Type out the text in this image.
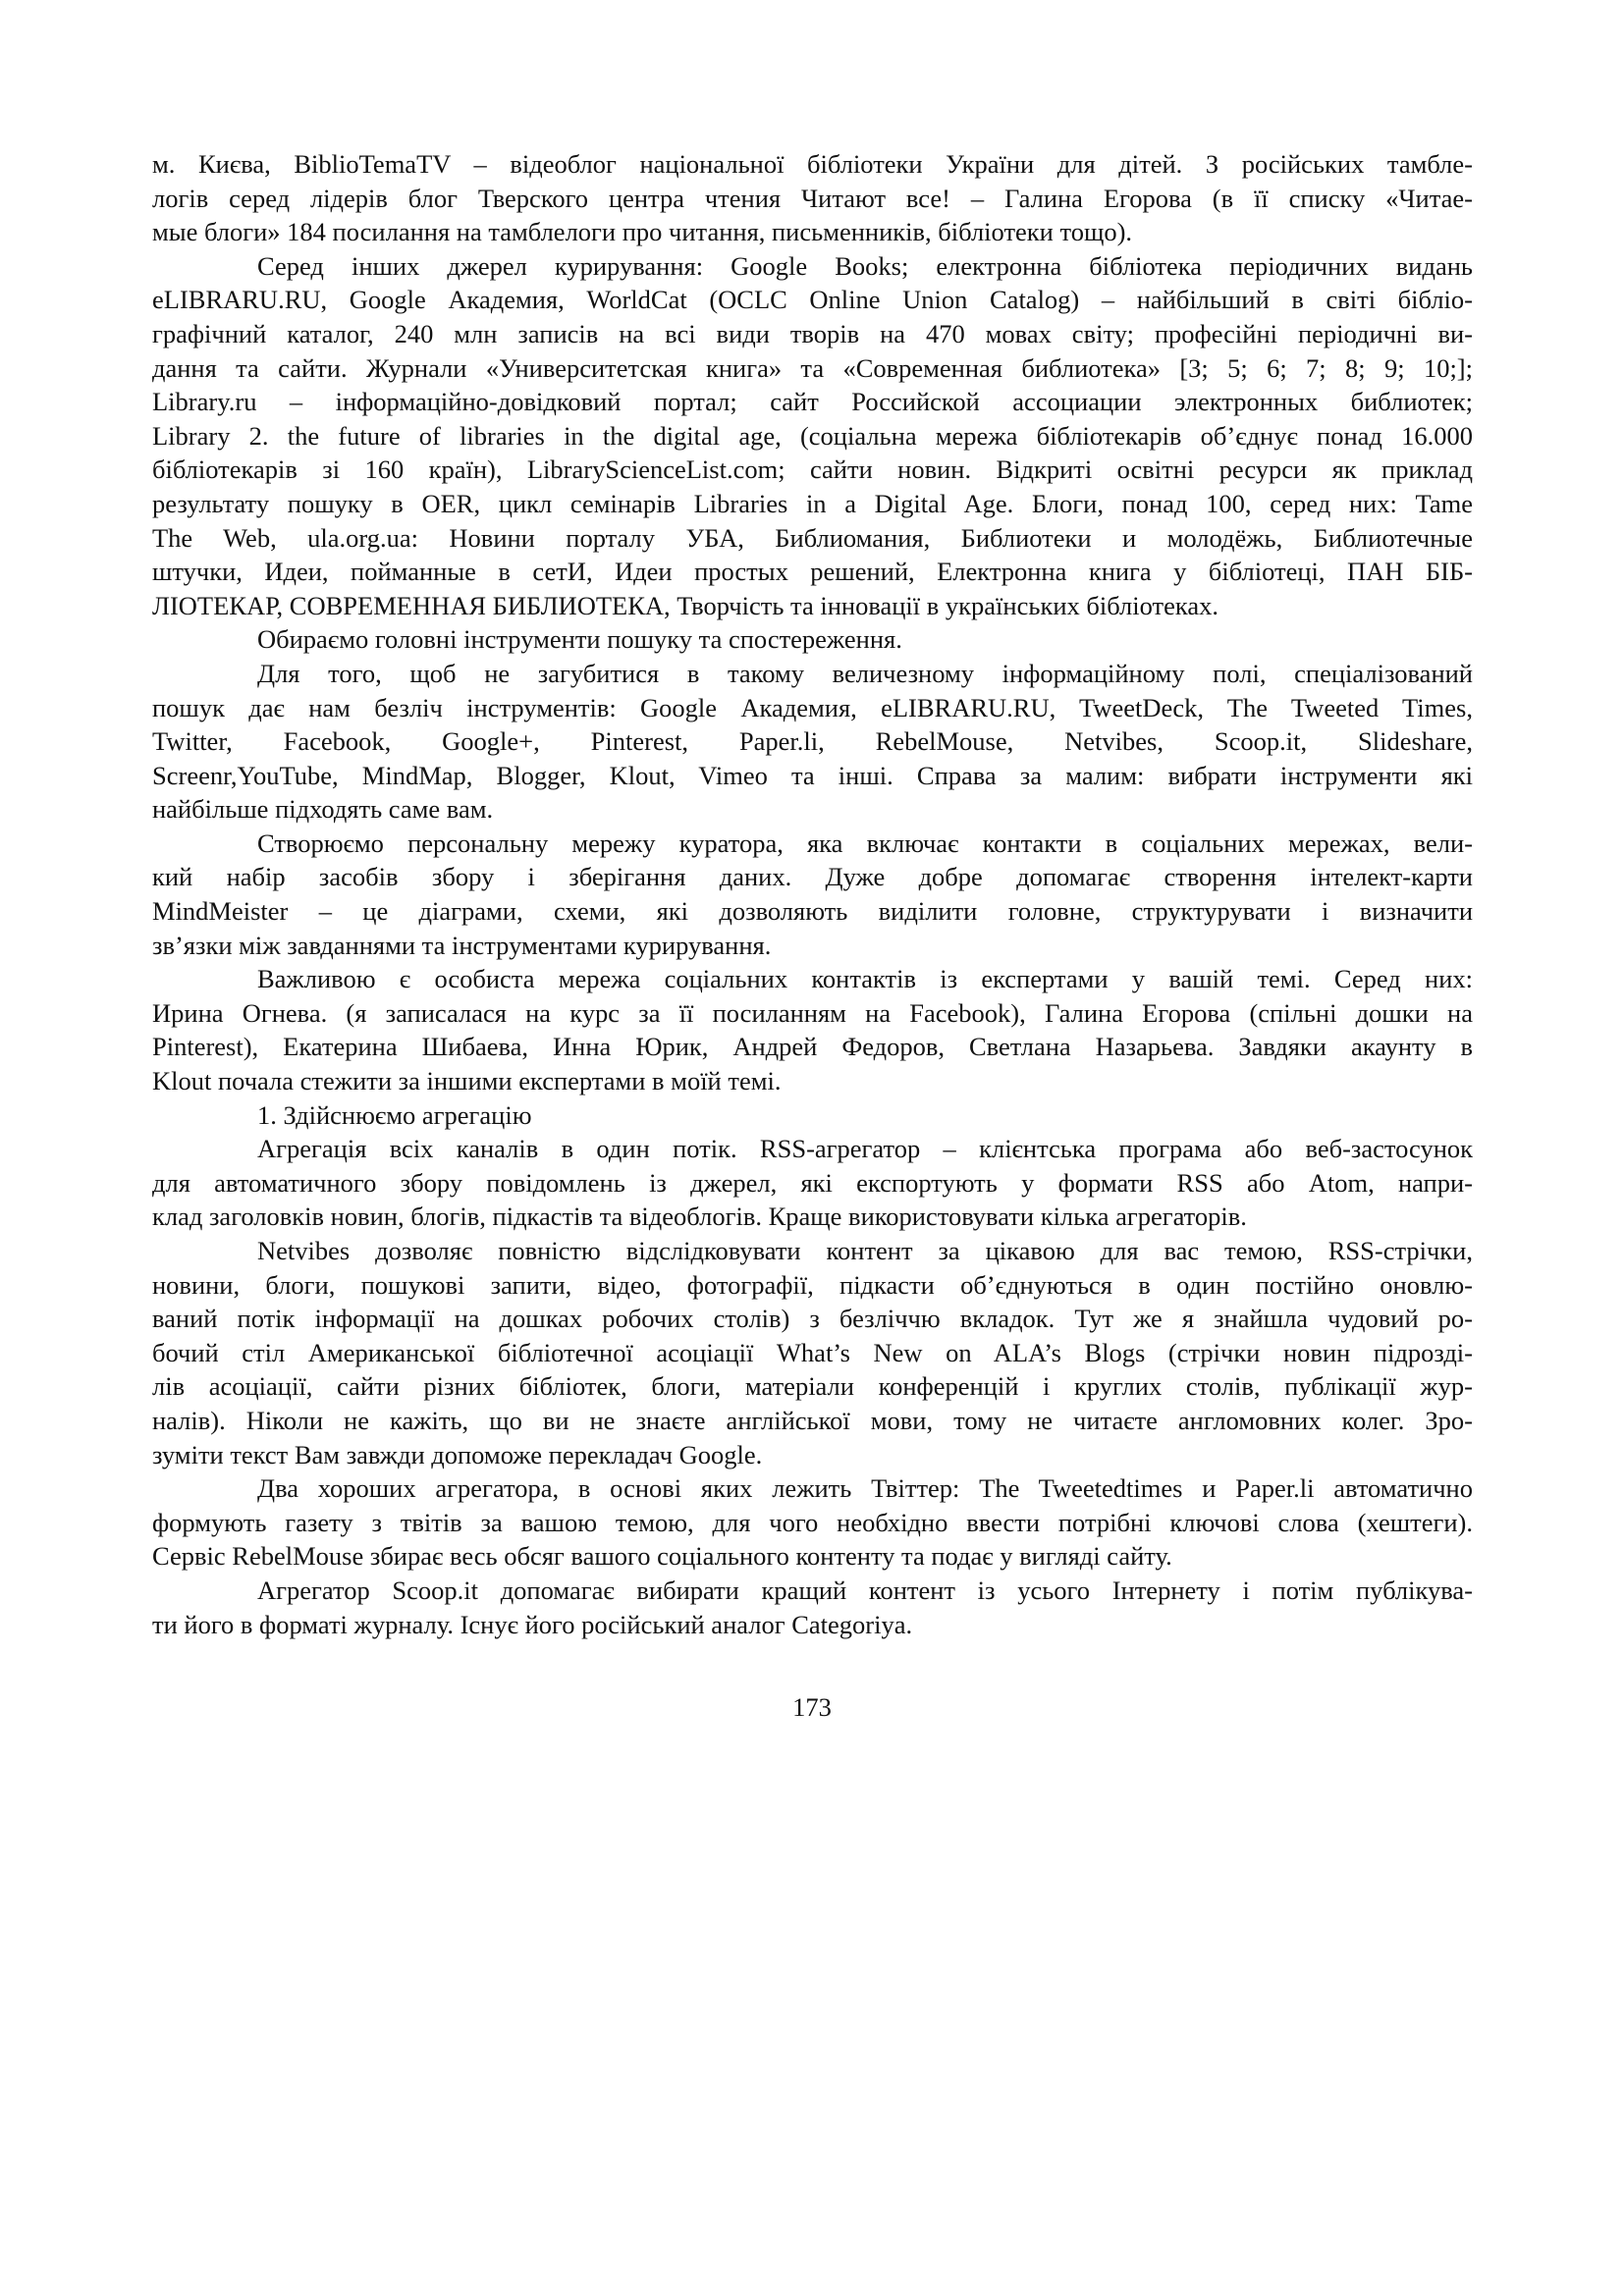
м. Києва, BiblioTemaTV – відеоблог національної бібліотеки України для дітей. З російських тамбле-
логів серед лідерів блог Тверского центра чтения Читают все! – Галина Егорова (в її списку «Читае-
мые блоги» 184 посилання на тамблелоги про читання, письменників, бібліотеки тощо).
Серед інших джерел курирування: Google Books; електронна бібліотека періодичних видань
eLIBRARU.RU, Google Академия, WorldCat (OCLC Online Union Catalog) – найбільший в світі бібліо-
графічний каталог, 240 млн записів на всі види творів на 470 мовах світу; професійні періодичні ви-
дання та сайти. Журнали «Университетская книга» та «Современная библиотека» [3; 5; 6; 7; 8; 9; 10;];
Library.ru – інформаційно-довідковий портал; сайт Российской ассоциации электронных библиотек;
Library 2. the future of libraries in the digital age, (соціальна мережа бібліотекарів об’єднує понад 16.000
бібліотекарів зі 160 країн), LibraryScienceList.com; сайти новин. Відкриті освітні ресурси як приклад
результату пошуку в OER, цикл семінарів Libraries in a Digital Age. Блоги, понад 100, серед них: Tame
The Web, ula.org.ua: Новини порталу УБА, Библиомания, Библиотеки и молодёжь, Библиотечные
штучки, Идеи, пойманные в сетИ, Идеи простых решений, Електронна книга у бібліотеці, ПАН БІБ-
ЛІОТЕКАР, СОВРЕМЕННАЯ БИБЛИОТЕКА, Творчість та інновації в українських бібліотеках.
Обираємо головні інструменти пошуку та спостереження.
Для того, щоб не загубитися в такому величезному інформаційному полі, спеціалізований
пошук дає нам безліч інструментів: Google Академия, eLIBRARU.RU, TweetDeck, The Tweeted Times,
Twitter, Facebook, Google+, Pinterest, Paper.li, RebelMouse, Netvibes, Scoop.it, Slideshare,
Screenr,YouTube, MindMap, Blogger, Klout, Vimeo та інші. Справа за малим: вибрати інструменти які
найбільше підходять саме вам.
Створюємо персональну мережу куратора, яка включає контакти в соціальних мережах, вели-
кий набір засобів збору і зберігання даних. Дуже добре допомагає створення інтелект-карти
MindMeister – це діаграми, схеми, які дозволяють виділити головне, структурувати і визначити
зв’язки між завданнями та інструментами курирування.
Важливою є особиста мережа соціальних контактів із експертами у вашій темі. Серед них:
Ирина Огнева. (я записалася на курс за її посиланням на Facebook), Галина Егорова (спільні дошки на
Pinterest), Екатерина Шибаева, Инна Юрик, Андрей Федоров, Светлана Назарьева. Завдяки акаунту в
Klout почала стежити за іншими експертами в моїй темі.
1. Здійснюємо агрегацію
Агрегація всіх каналів в один потік. RSS-агрегатор – клієнтська програма або веб-застосунок
для автоматичного збору повідомлень із джерел, які експортують у формати RSS або Atom, напри-
клад заголовків новин, блогів, підкастів та відеоблогів. Краще використовувати кілька агрегаторів.
Netvibes дозволяє повністю відслідковувати контент за цікавою для вас темою, RSS-стрічки,
новини, блоги, пошукові запити, відео, фотографії, підкасти об’єднуються в один постійно оновлю-
ваний потік інформації на дошках робочих столів) з безліччю вкладок. Тут же я знайшла чудовий ро-
бочий стіл Американської бібліотечної асоціації What’s New on ALA’s Blogs (стрічки новин підрозді-
лів асоціації, сайти різних бібліотек, блоги, матеріали конференцій і круглих столів, публікації жур-
налів). Ніколи не кажіть, що ви не знаєте англійської мови, тому не читаєте англомовних колег. Зро-
зуміти текст Вам завжди допоможе перекладач Google.
Два хороших агрегатора, в основі яких лежить Твіттер: The Tweetedtimes и Paper.li автоматично
формують газету з твітів за вашою темою, для чого необхідно ввести потрібні ключові слова (хештеги).
Сервіс RebelMouse збирає весь обсяг вашого соціального контенту та подає у вигляді сайту.
Агрегатор Scoop.it допомагає вибирати кращий контент із усього Інтернету і потім публікува-
ти його в форматі журналу. Існує його російський аналог Categoriya.
173
